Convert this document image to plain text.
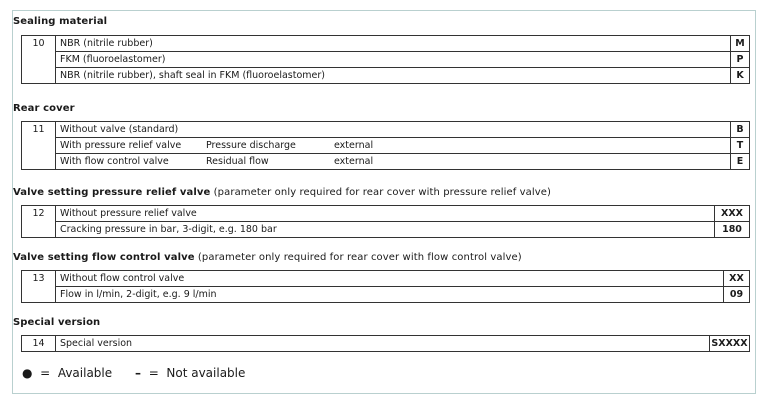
Sealing material
10	NBR (nitrile rubber)	M
	FKM (fluoroelastomer)	P
	NBR (nitrile rubber), shaft seal in FKM (fluoroelastomer)	K
Rear cover
11	Without valve (standard)	B
	With pressure relief valve Pressure discharge external	T
	With flow control valve Residual flow external	E
Valve setting pressure relief valve (parameter only required for rear cover with pressure relief valve)
12	Without pressure relief valve	XXX
	Cracking pressure in bar, 3-digit, e.g. 180 bar	180
Valve setting flow control valve (parameter only required for rear cover with flow control valve)
13	Without flow control valve	XX
	Flow in l/min, 2-digit, e.g. 9 l/min	09
Special version
14	Special version	SXXXX
● = Available – = Not available
